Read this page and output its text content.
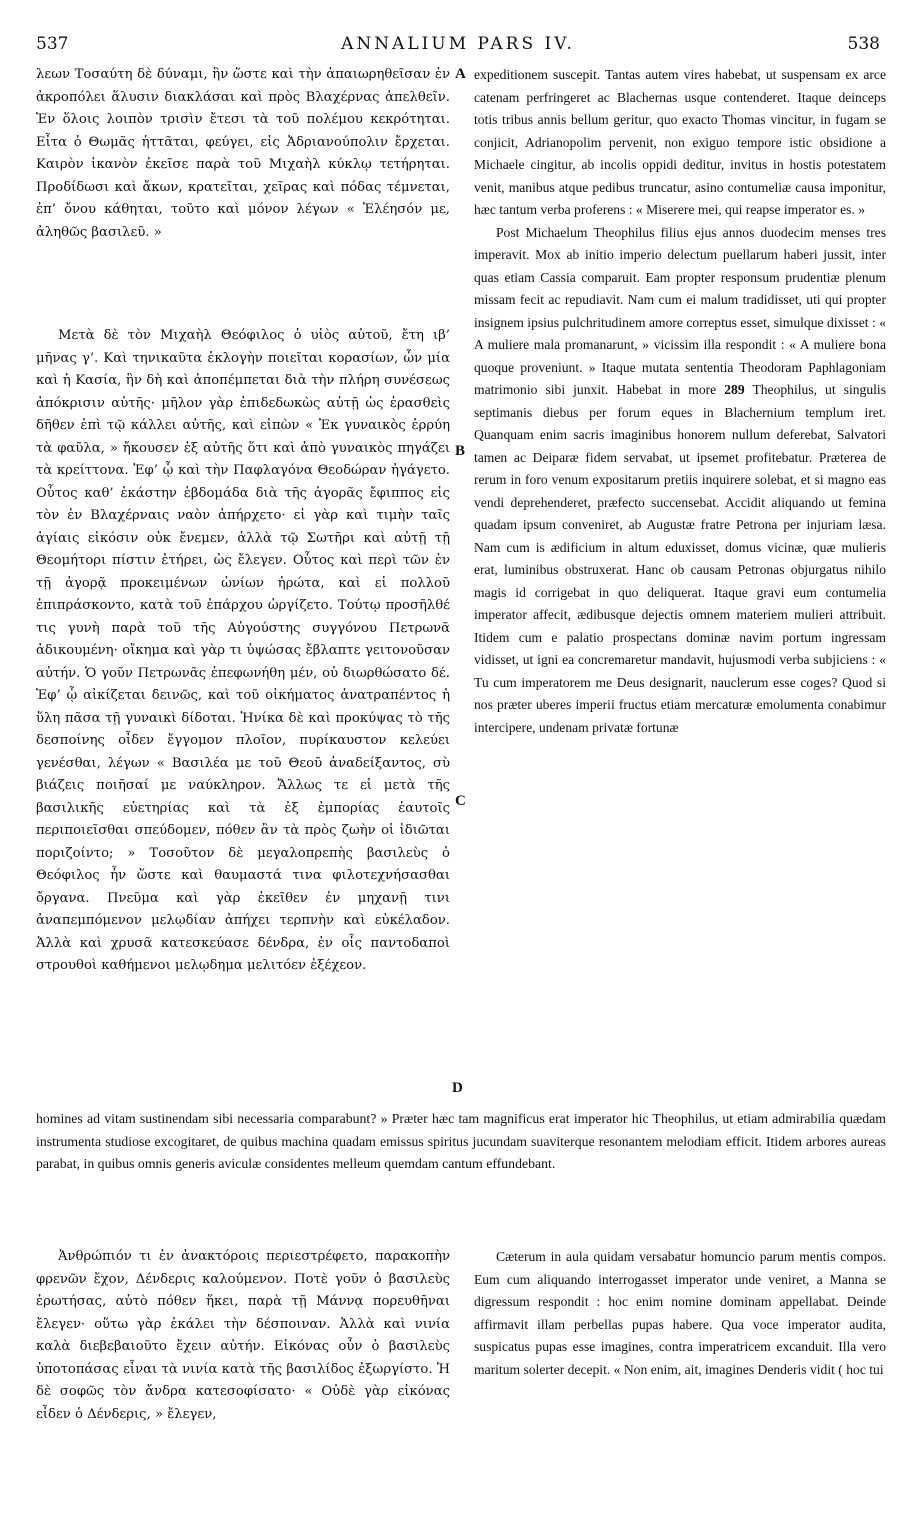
537	ANNALIUM PARS IV.	538

λεων Τοσαύτη δὲ δύναμι, ἣν ὥστε καὶ τὴν ἀπαιωρηθεῖσαν ἐν ἀκροπόλει ἅλυσιν διακλάσαι καὶ πρὸς Βλαχέρνας ἀπελθεῖν. Ἐν ὅλοις λοιπὸν τρισὶν ἔτεσι τὰ τοῦ πολέμου κεκρότηται. Εἶτα ὁ Θωμᾶς ἡττᾶται, φεύγει, εἰς Ἀδριανούπολιν ἔρχεται. Καιρὸν ἱκανὸν ἐκεῖσε παρὰ τοῦ Μιχαὴλ κύκλῳ τετήρηται. Προδίδωσι καὶ ἄκων, κρατεῖται, χεῖρας καὶ πόδας τέμνεται, ἐπ’ ὄνου κάθηται, τοῦτο καὶ μόνον λέγων « Ἐλέησόν με, ἀληθῶς βασιλεῦ. »

Μετὰ δὲ τὸν Μιχαὴλ Θεόφιλος ὁ υἱὸς αὐτοῦ, ἔτη ιβ’ μῆνας γ’. Καὶ τηνικαῦτα ἐκλογὴν ποιεῖται κορασίων, ὧν μία καὶ ἡ Κασία, ἣν δὴ καὶ ἀποπέμπεται διὰ τὴν πλήρη συνέσεως ἀπόκρισιν αὐτῆς· μῆλον γὰρ ἐπιδεδωκὼς αὐτῇ ὡς ἐρασθεὶς δῆθεν ἐπὶ τῷ κάλλει αὐτῆς, καὶ εἰπὼν « Ἐκ γυναικὸς ἐρρύη τὰ φαῦλα, » ἤκουσεν ἐξ αὐτῆς ὅτι καὶ ἀπὸ γυναικὸς πηγάζει τὰ κρείττονα. Ἐφ’ ᾧ καὶ τὴν Παφλαγόνα Θεοδώραν ἠγάγετο. Οὗτος καθ’ ἑκάστην ἑβδομάδα διὰ τῆς ἀγορᾶς ἔφιππος εἰς τὸν ἐν Βλαχέρναις ναὸν ἀπήρχετο· εἰ γὰρ καὶ τιμὴν ταῖς ἁγίαις εἰκόσιν οὐκ ἔνεμεν, ἀλλὰ τῷ Σωτῆρι καὶ αὐτῇ τῇ Θεομήτορι πίστιν ἐτήρει, ὡς ἔλεγεν. Οὗτος καὶ περὶ τῶν ἐν τῇ ἀγορᾷ προκειμένων ὠνίων ἠρώτα, καὶ εἰ πολλοῦ ἐπιπράσκοντο, κατὰ τοῦ ἐπάρχου ὠργίζετο. Τούτῳ προσῆλθέ τις γυνὴ παρὰ τοῦ τῆς Αὐγούστης συγγόνου Πετρωνᾶ ἀδικουμένη· οἴκημα καὶ γὰρ τι ὑψώσας ἔβλαπτε γειτονοῦσαν αὐτήν. Ὁ γοῦν Πετρωνᾶς ἐπεφωνήθη μέν, οὐ διωρθώσατο δέ. Ἐφ’ ᾧ αἰκίζεται δεινῶς, καὶ τοῦ οἰκήματος ἀνατραπέντος ἡ ὕλη πᾶσα τῇ γυναικὶ δίδοται. Ἡνίκα δὲ καὶ προκύψας τὸ τῆς δεσποίνης οἶδεν ἔγγομον πλοῖον, πυρίκαυστον κελεύει γενέσθαι, λέγων « Βασιλέα με τοῦ Θεοῦ ἀναδείξαντος, σὺ βιάζεις ποιῆσαί με ναύκληρον. Ἄλλως τε εἰ μετὰ τῆς βασιλικῆς εὐετηρίας καὶ τὰ ἐξ ἐμπορίας ἑαυτοῖς περιποιεῖσθαι σπεύδομεν, πόθεν ἂν τὰ πρὸς ζωὴν οἱ ἰδιῶται ποριζοίντο; » Τοσοῦτον δὲ μεγαλοπρεπὴς βασιλεὺς ὁ Θεόφιλος ἦν ὥστε καὶ θαυμαστά τινα φιλοτεχνήσασθαι ὄργανα. Πνεῦμα καὶ γὰρ ἐκεῖθεν ἐν μηχανῇ τινι ἀναπεμπόμενον μελῳδίαν ἀπήχει τερπνὴν καὶ εὐκέλαδον. Ἀλλὰ καὶ χρυσᾶ κατεσκεύασε δένδρα, ἐν οἷς παντοδαποὶ στρουθοὶ καθήμενοι μελῳδημα μελιτόεν ἐξέχεον.

Ἀνθρώπιόν τι ἐν ἀνακτόροις περιεστρέφετο, παρακοπὴν φρενῶν ἔχον, Δένδερις καλούμενον. Ποτὲ γοῦν ὁ βασιλεὺς ἐρωτήσας, αὐτὸ πόθεν ἥκει, παρὰ τῇ Μάννᾳ πορευθῆναι ἔλεγεν· οὕτω γὰρ ἐκάλει τὴν δέσποιναν. Ἀλλὰ καὶ νινία καλὰ διεβεβαιοῦτο ἔχειν αὐτήν. Εἰκόνας οὖν ὁ βασιλεὺς ὑποτοπάσας εἶναι τὰ νινία κατὰ τῆς βασιλίδος ἐξωργίστο. Ἡ δὲ σοφῶς τὸν ἄνδρα κατεσοφίσατο· « Οὐδὲ γὰρ εἰκόνας εἶδεν ὁ Δένδερις, » ἔλεγεν,

expeditionem suscepit. Tantas autem vires habebat, ut suspensam ex arce catenam perfringeret ac Blachernas usque contenderet. Itaque deinceps totis tribus annis bellum geritur, quo exacto Thomas vincitur, in fugam se conjicit, Adrianopolim pervenit, non exiguo tempore istic obsidione a Michaele cingitur, ab incolis oppidi deditur, invitus in hostis potestatem venit, manibus atque pedibus truncatur, asino contumeliæ causa imponitur, hæc tantum verba proferens : « Miserere mei, qui reapse imperator es. »

Post Michaelum Theophilus filius ejus annos duodecim menses tres imperavit. Mox ab initio imperio delectum puellarum haberi jussit, inter quas etiam Cassia comparuit. Eam propter responsum prudentiæ plenum missam fecit ac repudiavit. Nam cum ei malum tradidisset, uti qui propter insignem ipsius pulchritudinem amore correptus esset, simulque dixisset : « A muliere mala promanarunt, » vicissim illa respondit : « A muliere bona quoque proveniunt. » Itaque mutata sententia Theodoram Paphlagoniam matrimonio sibi junxit. Habebat in more 289 Theophilus, ut singulis septimanis diebus per forum eques in Blachernium templum iret. Quanquam enim sacris imaginibus honorem nullum deferebat, Salvatori tamen ac Deiparæ fidem servabat, ut ipsemet profitebatur. Præterea de rerum in foro venum expositarum pretiis inquirere solebat, et si magno eas vendi deprehenderet, præfecto succensebat. Accidit aliquando ut femina quadam ipsum conveniret, ab Augustæ fratre Petrona per injuriam læsa. Nam cum is ædificium in altum eduxisset, domus vicinæ, quæ mulieris erat, luminibus obstruxerat. Hanc ob causam Petronas objurgatus nihilo magis id corrigebat in quo deliquerat. Itaque gravi eum contumelia imperator affecit, ædibusque dejectis omnem materiem mulieri attribuit. Itidem cum e palatio prospectans dominæ navim portum ingressam vidisset, ut igni ea concremaretur mandavit, hujusmodi verba subjiciens : « Tu cum imperatorem me Deus designarit, nauclerum esse coges? Quod si nos præter uberes imperii fructus etiam mercaturæ emolumenta conabimur intercipere, undenam privatæ fortunæ

Cæterum in aula quidam versabatur homuncio parum mentis compos. Eum cum aliquando interrogasset imperator unde veniret, a Manna se digressum respondit : hoc enim nomine dominam appellabat. Deinde affirmavit illam perbellas pupas habere. Qua voce imperator audita, suspicatus pupas esse imagines, contra imperatricem excanduit. Illa vero maritum solerter decepit. « Non enim, ait, imagines Denderis vidit ( hoc tui

homines ad vitam sustinendam sibi necessaria comparabunt? » Præter hæc tam magnificus erat imperator hic Theophilus, ut etiam admirabilia quædam instrumenta studiose excogitaret, de quibus machina quadam emissus spiritus jucundam suaviterque resonantem melodiam efficit. Itidem arbores aureas parabat, in quibus omnis generis aviculæ considentes melleum quemdam cantum effundebant.

A
B
C
D
